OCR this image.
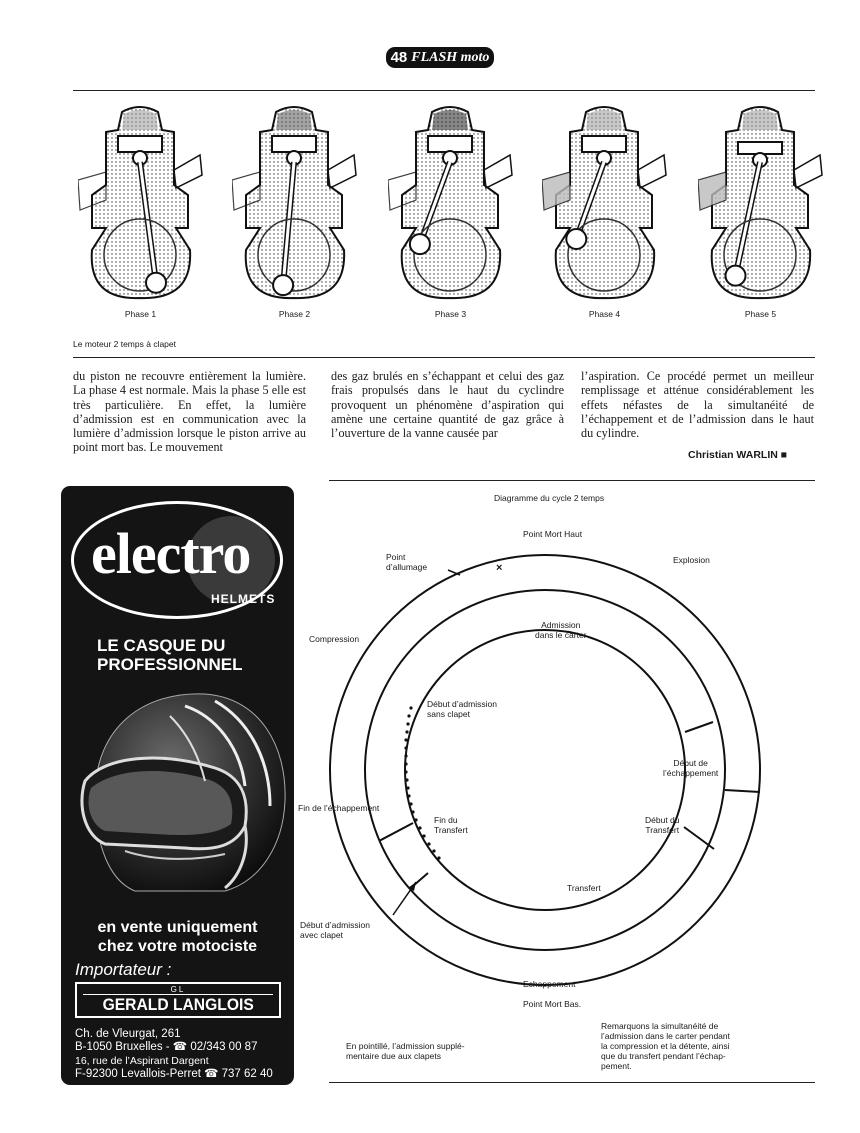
48 FLASH moto
Phase 1	Phase 2	Phase 3	Phase 4	Phase 5
Le moteur 2 temps à clapet

du piston ne recouvre entièrement la lumière. La phase 4 est normale. Mais la phase 5 elle est très particulière. En effet, la lumière d’admission est en communication avec la lumière d’admission lorsque le piston arrive au point mort bas. Le mouvement

des gaz brulés en s’échappant et celui des gaz frais propulsés dans le haut du cyclindre provoquent un phénomène d’aspiration qui amène une certaine quantité de gaz grâce à l’ouverture de la vanne causée par

l’aspiration. Ce procédé permet un meilleur remplissage et atténue considérablement les effets néfastes de la simultanéité de l’échappement et de l’admission dans le haut du cylindre.

Christian WARLIN ■
electro
HELMETS
LE CASQUE DU
PROFESSIONNEL
en vente uniquement
chez votre motociste
Importateur :
GL
GERALD LANGLOIS
Ch. de Vleurgat, 261
B-1050 Bruxelles - ☎ 02/343 00 87
16, rue de l’Aspirant Dargent
F-92300 Levallois-Perret ☎ 737 62 40
Diagramme du cycle 2 temps
Point Mort Haut
Explosion
Point
d’allumage	×
Compression
Admission
dans le carter
Début d’admission
sans clapet
Début de
l’échappement
Fin de l’échappement
Fin du
Transfert
Début du
Transfert
Transfert
Début d’admission
avec clapet
Echappement
Point Mort Bas.
En pointillé, l’admission supplé-
mentaire due aux clapets
Remarquons la simultanéité de
l’admission dans le carter pendant
la compression et la détente, ainsi
que du transfert pendant l’échap-
pement.
